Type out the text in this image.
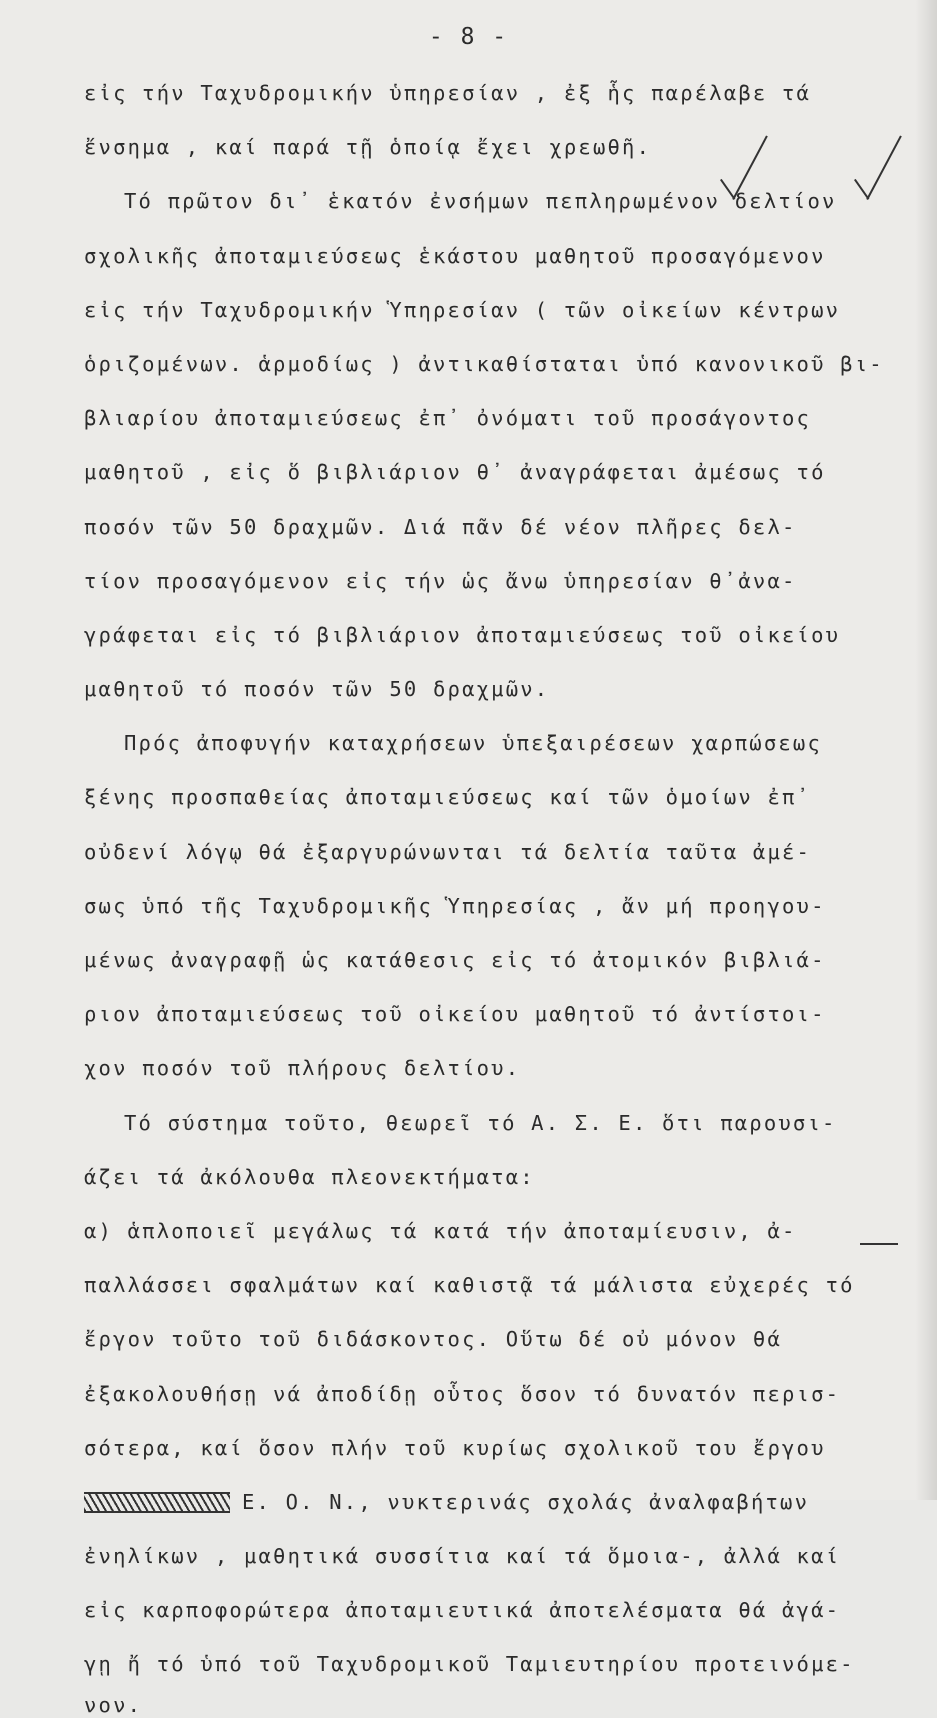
- 8 -
εἰς τήν Ταχυδρομικήν ὑπηρεσίαν , ἐξ ἧς παρέλαβε τά
ἔνσημα , καί παρά τῇ ὁποίᾳ ἔχει χρεωθῆ.
Τό πρῶτον δι᾽ ἑκατόν ἐνσήμων πεπληρωμένον δελτίον
σχολικῆς ἀποταμιεύσεως ἑκάστου μαθητοῦ προσαγόμενον
εἰς τήν Ταχυδρομικήν Ὑπηρεσίαν ( τῶν οἰκείων κέντρων
ὁριζομένων. ἁρμοδίως ) ἀντικαθίσταται ὑπό κανονικοῦ βι-
βλιαρίου ἀποταμιεύσεως ἐπ᾽ ὀνόματι τοῦ προσάγοντος
μαθητοῦ , εἰς ὅ βιβλιάριον θ᾽ ἀναγράφεται ἀμέσως τό
ποσόν τῶν 50 δραχμῶν. Διά πᾶν δέ νέον πλῆρες δελ-
τίον προσαγόμενον εἰς τήν ὡς ἄνω ὑπηρεσίαν θ᾽ἀνα-
γράφεται εἰς τό βιβλιάριον ἀποταμιεύσεως τοῦ οἰκείου
μαθητοῦ τό ποσόν τῶν 50 δραχμῶν.
Πρός ἀποφυγήν καταχρήσεων ὑπεξαιρέσεων χαρπώσεως
ξένης προσπαθείας ἀποταμιεύσεως καί τῶν ὁμοίων ἐπ᾽
οὐδενί λόγῳ θά ἐξαργυρώνωνται τά δελτία ταῦτα ἀμέ-
σως ὑπό τῆς Ταχυδρομικῆς Ὑπηρεσίας , ἄν μή προηγου-
μένως ἀναγραφῇ ὡς κατάθεσις εἰς τό ἀτομικόν βιβλιά-
ριον ἀποταμιεύσεως τοῦ οἰκείου μαθητοῦ τό ἀντίστοι-
χον ποσόν τοῦ πλήρους δελτίου.
Τό σύστημα τοῦτο, θεωρεῖ τό Α. Σ. Ε. ὅτι παρουσι-
άζει τά ἀκόλουθα πλεονεκτήματα:
α) ἁπλοποιεῖ μεγάλως τά κατά τήν ἀποταμίευσιν, ἀ-
παλλάσσει σφαλμάτων καί καθιστᾷ τά μάλιστα εὐχερές τό
ἔργον τοῦτο τοῦ διδάσκοντος. Οὕτω δέ οὐ μόνον θά
ἐξακολουθήσῃ νά ἀποδίδῃ οὗτος ὅσον τό δυνατόν περισ-
σότερα, καί ὅσον πλήν τοῦ κυρίως σχολικοῦ του ἔργου
Ε. Ο. Ν., νυκτερινάς σχολάς ἀναλφαβήτων
ἐνηλίκων , μαθητικά συσσίτια καί τά ὅμοια-, ἀλλά καί
εἰς καρποφορώτερα ἀποταμιευτικά ἀποτελέσματα θά ἀγά-
γῃ ἤ τό ὑπό τοῦ Ταχυδρομικοῦ Ταμιευτηρίου προτεινόμε-
νον.
